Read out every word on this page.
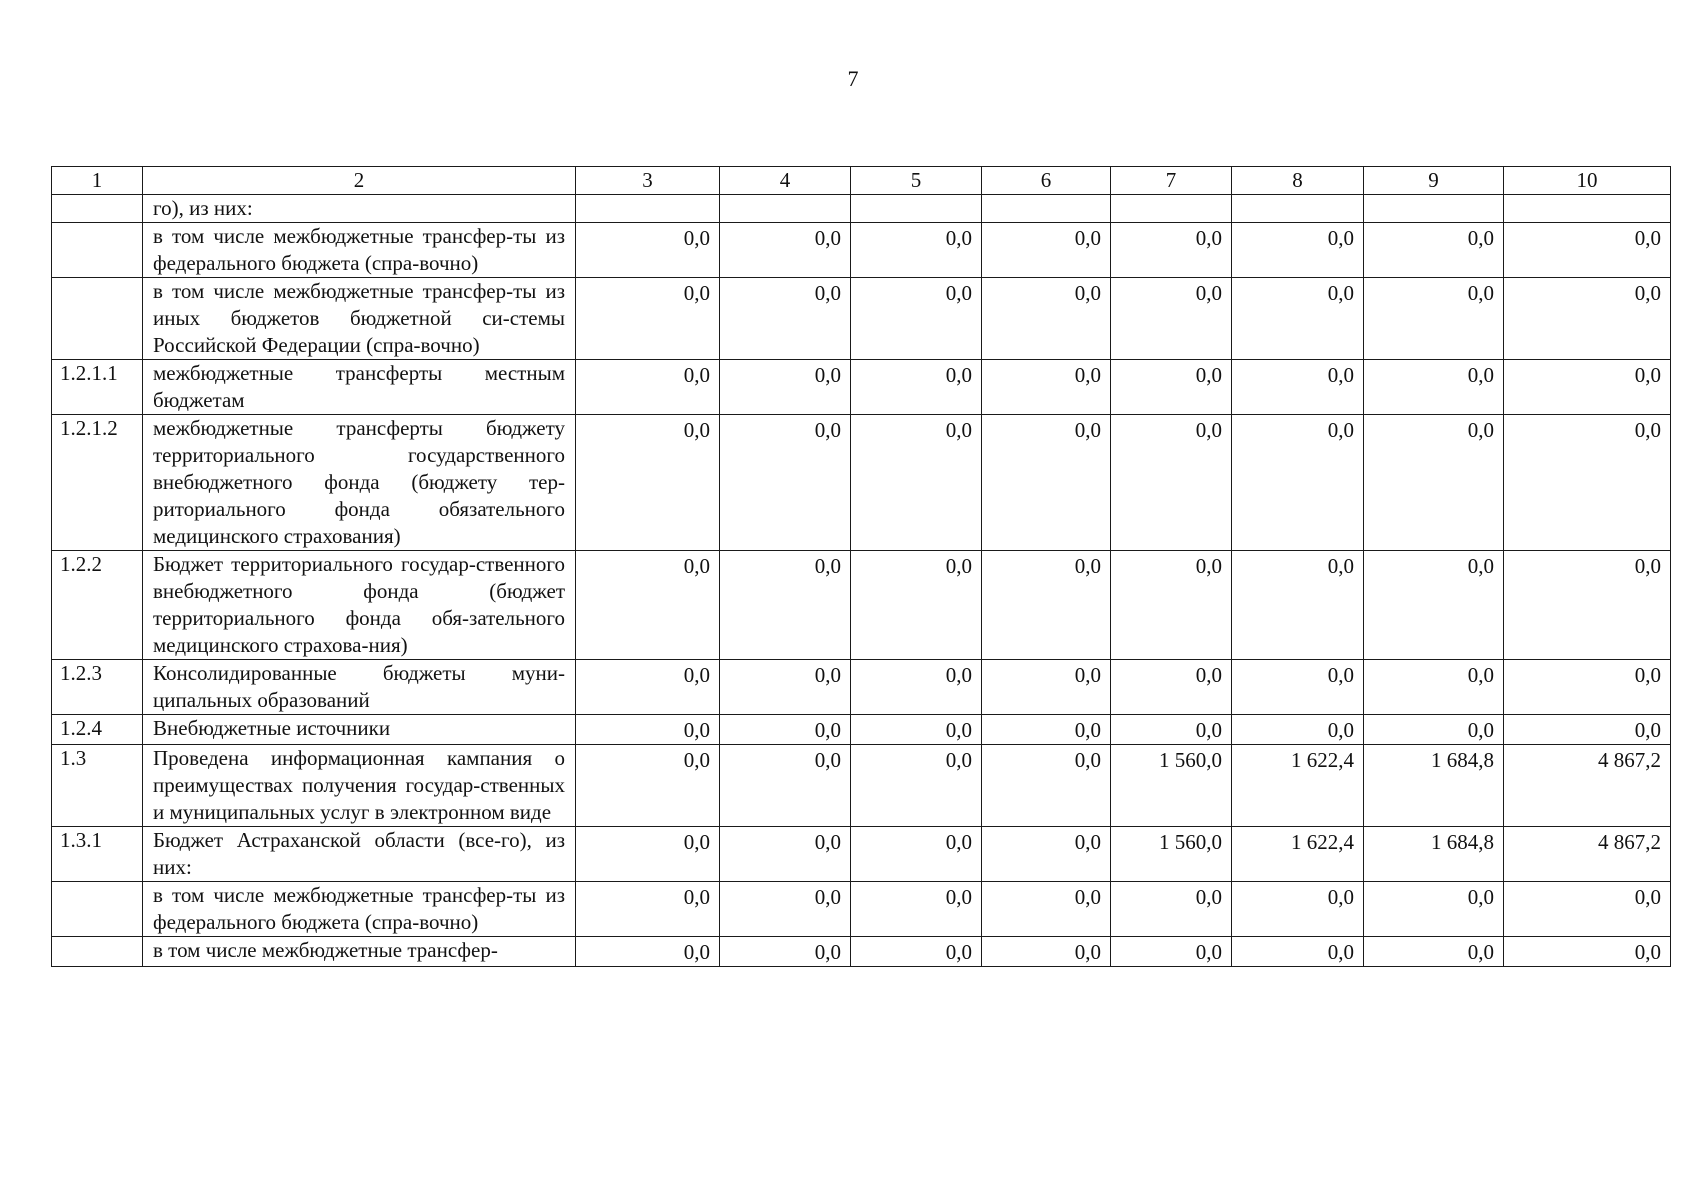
7
1	2	3	4	5	6	7	8	9	10
	го), из них:								
	в том числе межбюджетные трансфер-ты из федерального бюджета (спра-вочно)	0,0	0,0	0,0	0,0	0,0	0,0	0,0	0,0
	в том числе межбюджетные трансфер-ты из иных бюджетов бюджетной си-стемы Российской Федерации (спра-вочно)	0,0	0,0	0,0	0,0	0,0	0,0	0,0	0,0
1.2.1.1	межбюджетные трансферты местным бюджетам	0,0	0,0	0,0	0,0	0,0	0,0	0,0	0,0
1.2.1.2	межбюджетные трансферты бюджету территориального государственного внебюджетного фонда (бюджету тер-риториального фонда обязательного медицинского страхования)	0,0	0,0	0,0	0,0	0,0	0,0	0,0	0,0
1.2.2	Бюджет территориального государ-ственного внебюджетного фонда (бюджет территориального фонда обя-зательного медицинского страхова-ния)	0,0	0,0	0,0	0,0	0,0	0,0	0,0	0,0
1.2.3	Консолидированные бюджеты муни-ципальных образований	0,0	0,0	0,0	0,0	0,0	0,0	0,0	0,0
1.2.4	Внебюджетные источники	0,0	0,0	0,0	0,0	0,0	0,0	0,0	0,0
1.3	Проведена информационная кампания о преимуществах получения государ-ственных и муниципальных услуг в электронном виде	0,0	0,0	0,0	0,0	1 560,0	1 622,4	1 684,8	4 867,2
1.3.1	Бюджет Астраханской области (все-го), из них:	0,0	0,0	0,0	0,0	1 560,0	1 622,4	1 684,8	4 867,2
	в том числе межбюджетные трансфер-ты из федерального бюджета (спра-вочно)	0,0	0,0	0,0	0,0	0,0	0,0	0,0	0,0
	в том числе межбюджетные трансфер-	0,0	0,0	0,0	0,0	0,0	0,0	0,0	0,0
